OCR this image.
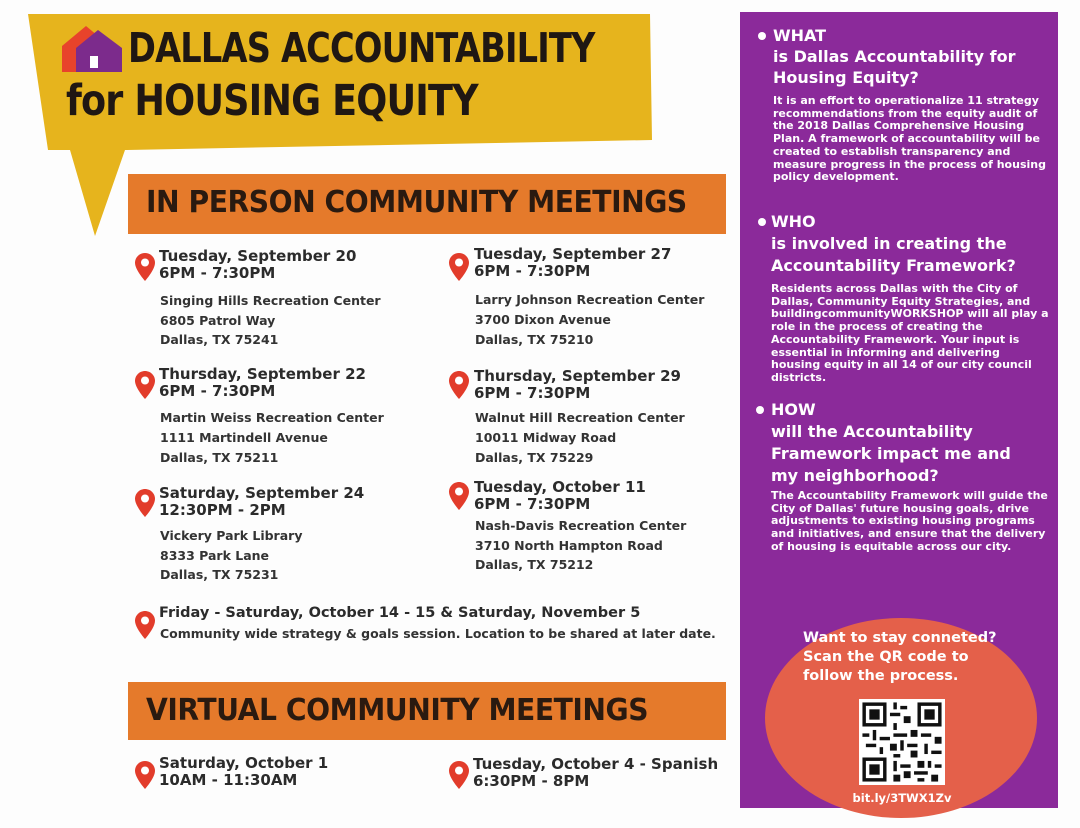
DALLAS ACCOUNTABILITY
for HOUSING EQUITY
IN PERSON COMMUNITY MEETINGS
Tuesday, September 20
6PM - 7:30PM
Singing Hills Recreation Center
6805 Patrol Way
Dallas, TX 75241
Thursday, September 22
6PM - 7:30PM
Martin Weiss Recreation Center
1111 Martindell Avenue
Dallas, TX 75211
Saturday, September 24
12:30PM - 2PM
Vickery Park Library
8333 Park Lane
Dallas, TX 75231
Tuesday, September 27
6PM - 7:30PM
Larry Johnson Recreation Center
3700 Dixon Avenue
Dallas, TX 75210
Thursday, September 29
6PM - 7:30PM
Walnut Hill Recreation Center
10011 Midway Road
Dallas, TX 75229
Tuesday, October 11
6PM - 7:30PM
Nash-Davis Recreation Center
3710 North Hampton Road
Dallas, TX 75212
Friday - Saturday, October 14 - 15 & Saturday, November 5
Community wide strategy & goals session. Location to be shared at later date.
VIRTUAL COMMUNITY MEETINGS
Saturday, October 1
10AM - 11:30AM
Tuesday, October 4 - Spanish
6:30PM - 8PM
WHAT
is Dallas Accountability for
Housing Equity?
It is an effort to operationalize 11 strategy recommendations from the equity audit of the 2018 Dallas Comprehensive Housing Plan. A framework of accountability will be created to establish transparency and measure progress in the process of housing policy development.
WHO
is involved in creating the
Accountability Framework?
Residents across Dallas with the City of Dallas, Community Equity Strategies, and buildingcommunityWORKSHOP will all play a role in the process of creating the Accountability Framework. Your input is essential in informing and delivering housing equity in all 14 of our city council districts.
HOW
will the Accountability
Framework impact me and
my neighborhood?
The Accountability Framework will guide the City of Dallas' future housing goals, drive adjustments to existing housing programs and initiatives, and ensure that the delivery of housing is equitable across our city.
Want to stay conneted? Scan the QR code to follow the process.
bit.ly/3TWX1Zv
